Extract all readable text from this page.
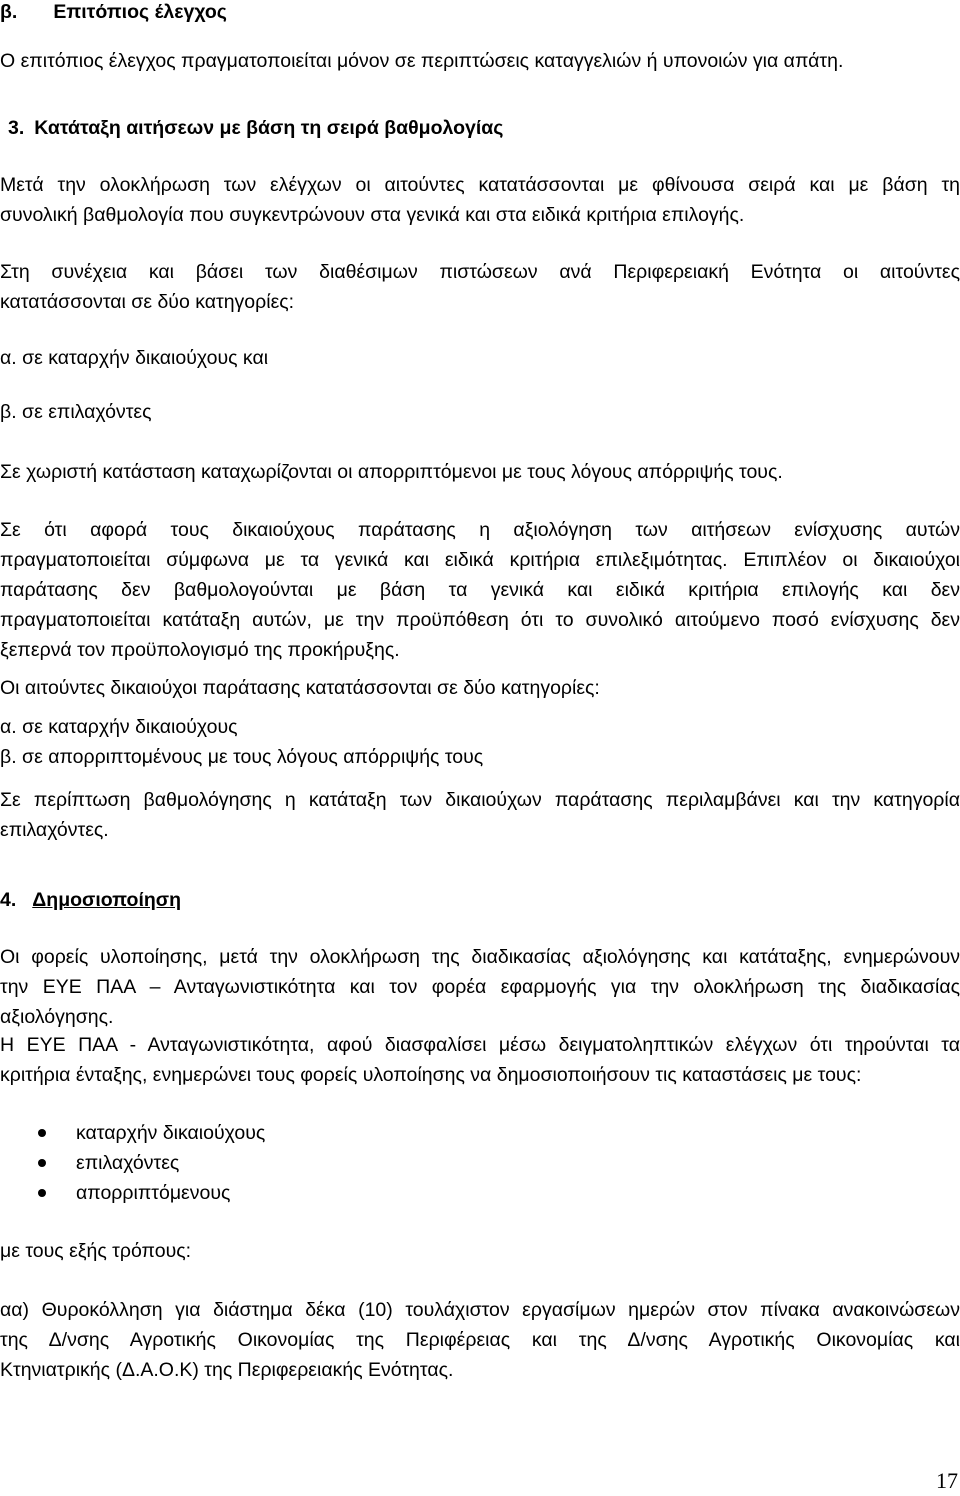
β. Επιτόπιος έλεγχος
Ο επιτόπιος έλεγχος πραγματοποιείται μόνον σε περιπτώσεις καταγγελιών ή υπονοιών για απάτη.
3. Κατάταξη αιτήσεων με βάση τη σειρά βαθμολογίας
Μετά την ολοκλήρωση των ελέγχων οι αιτούντες κατατάσσονται με φθίνουσα σειρά και με βάση τη
συνολική βαθμολογία που συγκεντρώνουν στα γενικά και στα ειδικά κριτήρια επιλογής.
Στη συνέχεια και βάσει των διαθέσιμων πιστώσεων ανά Περιφερειακή Ενότητα οι αιτούντες
κατατάσσονται σε δύο κατηγορίες:
α. σε καταρχήν δικαιούχους και
β. σε επιλαχόντες
Σε χωριστή κατάσταση καταχωρίζονται οι απορριπτόμενοι με τους λόγους απόρριψής τους.
Σε ότι αφορά τους δικαιούχους παράτασης η αξιολόγηση των αιτήσεων ενίσχυσης αυτών
πραγματοποιείται σύμφωνα με τα γενικά και ειδικά κριτήρια επιλεξιμότητας. Επιπλέον οι δικαιούχοι
παράτασης δεν βαθμολογούνται με βάση τα γενικά και ειδικά κριτήρια επιλογής και δεν
πραγματοποιείται κατάταξη αυτών, με την προϋπόθεση ότι το συνολικό αιτούμενο ποσό ενίσχυσης δεν
ξεπερνά τον προϋπολογισμό της προκήρυξης.
Οι αιτούντες δικαιούχοι παράτασης κατατάσσονται σε δύο κατηγορίες:
α. σε καταρχήν δικαιούχους
β. σε απορριπτομένους με τους λόγους απόρριψής τους
Σε περίπτωση βαθμολόγησης η κατάταξη των δικαιούχων παράτασης περιλαμβάνει και την κατηγορία
επιλαχόντες.
4. Δημοσιοποίηση
Οι φορείς υλοποίησης, μετά την ολοκλήρωση της διαδικασίας αξιολόγησης και κατάταξης, ενημερώνουν
την ΕΥΕ ΠΑΑ – Ανταγωνιστικότητα και τον φορέα εφαρμογής για την ολοκλήρωση της διαδικασίας
αξιολόγησης.
Η ΕΥΕ ΠΑΑ - Ανταγωνιστικότητα, αφού διασφαλίσει μέσω δειγματοληπτικών ελέγχων ότι τηρούνται τα
κριτήρια ένταξης, ενημερώνει τους φορείς υλοποίησης να δημοσιοποιήσουν τις καταστάσεις με τους:
καταρχήν δικαιούχους
επιλαχόντες
απορριπτόμενους
με τους εξής τρόπους:
αα) Θυροκόλληση για διάστημα δέκα (10) τουλάχιστον εργασίμων ημερών στον πίνακα ανακοινώσεων
της Δ/νσης Αγροτικής Οικονομίας της Περιφέρειας και της Δ/νσης Αγροτικής Οικονομίας και
Κτηνιατρικής (Δ.Α.Ο.Κ) της Περιφερειακής Ενότητας.
17
